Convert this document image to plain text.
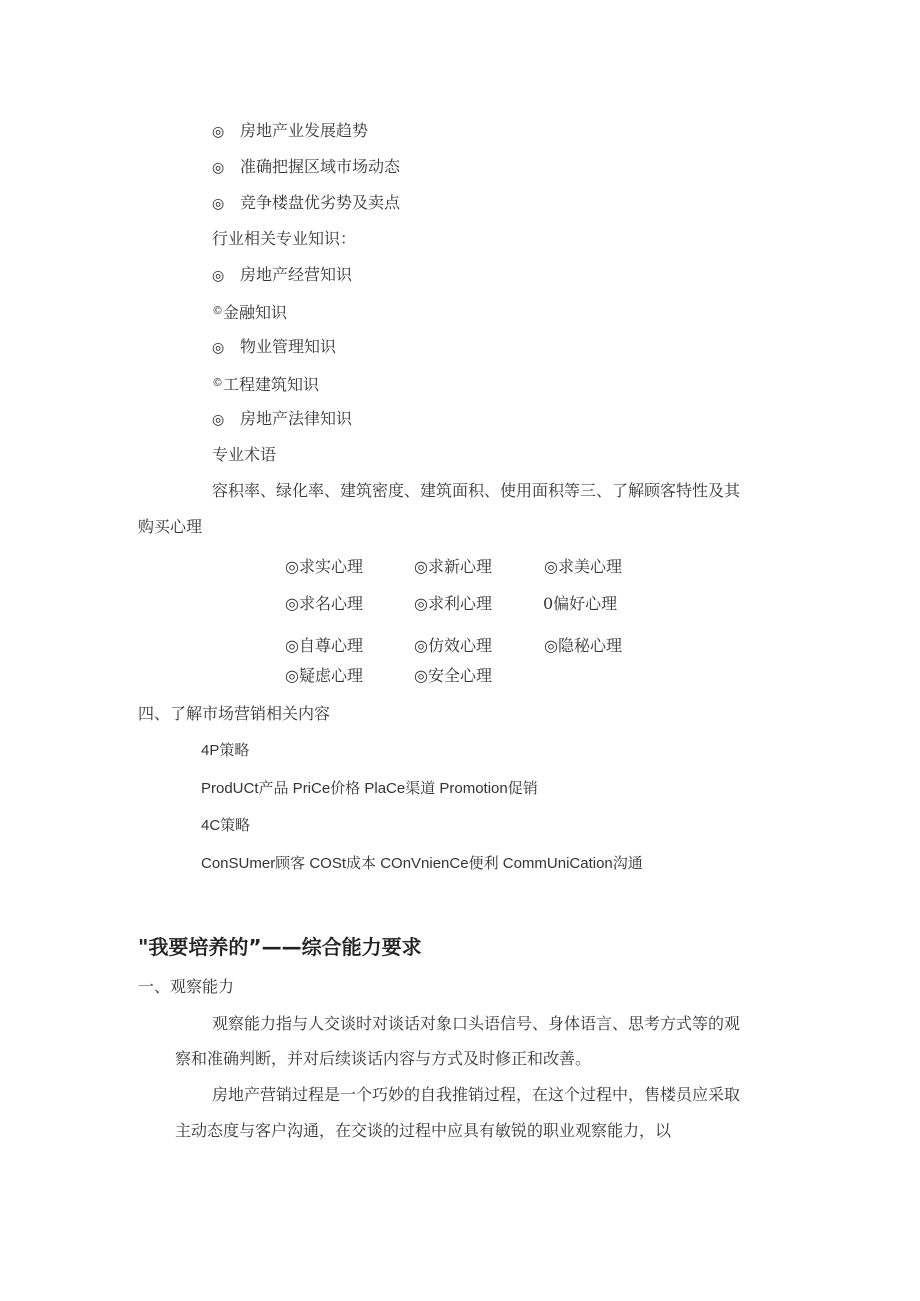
◎ 房地产业发展趋势
◎ 准确把握区域市场动态
◎ 竞争楼盘优劣势及卖点
行业相关专业知识：
◎ 房地产经营知识
©金融知识
◎ 物业管理知识
©工程建筑知识
◎ 房地产法律知识
专业术语
容积率、绿化率、建筑密度、建筑面积、使用面积等三、了解顾客特性及其
购买心理
◎求实心理	◎求新心理	◎求美心理
◎求名心理	◎求利心理	0偏好心理
◎自尊心理	◎仿效心理	◎隐秘心理
◎疑虑心理	◎安全心理
四、了解市场营销相关内容
4P策略
ProdUCt产品 PriCe价格 PlaCe渠道 Promotion促销
4C策略
ConSUmer顾客 COSt成本 COnVnienCe便利 CommUniCation沟通
"我要培养的”——综合能力要求
一、观察能力
观察能力指与人交谈时对谈话对象口头语信号、身体语言、思考方式等的观
察和准确判断，并对后续谈话内容与方式及时修正和改善。
房地产营销过程是一个巧妙的自我推销过程，在这个过程中，售楼员应采取
主动态度与客户沟通，在交谈的过程中应具有敏锐的职业观察能力，以
